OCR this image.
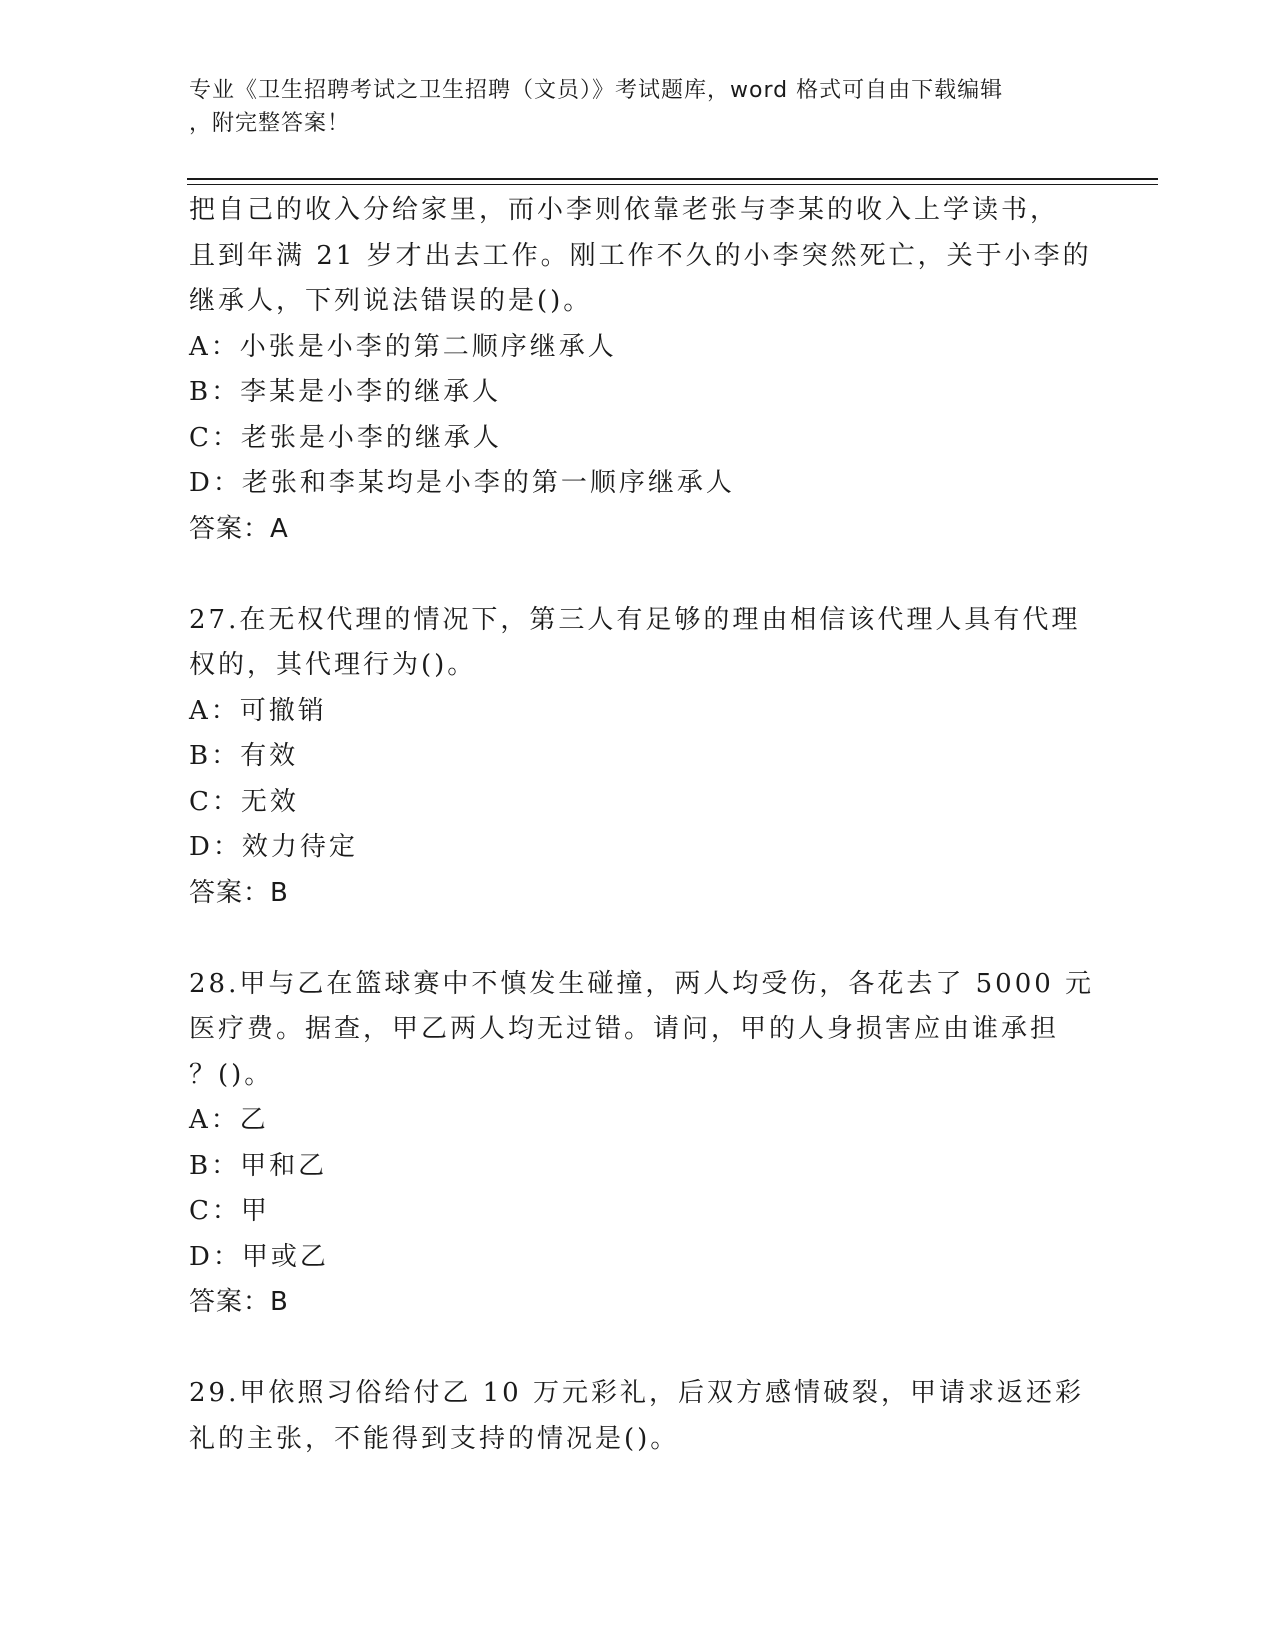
专业《卫生招聘考试之卫生招聘（文员）》考试题库，word 格式可自由下载编辑
，附完整答案！
把自己的收入分给家里，而小李则依靠老张与李某的收入上学读书，
且到年满 21 岁才出去工作。刚工作不久的小李突然死亡，关于小李的
继承人，下列说法错误的是()。
A：小张是小李的第二顺序继承人
B：李某是小李的继承人
C：老张是小李的继承人
D：老张和李某均是小李的第一顺序继承人
答案：A
27.在无权代理的情况下，第三人有足够的理由相信该代理人具有代理
权的，其代理行为()。
A：可撤销
B：有效
C：无效
D：效力待定
答案：B
28.甲与乙在篮球赛中不慎发生碰撞，两人均受伤，各花去了 5000 元
医疗费。据查，甲乙两人均无过错。请问，甲的人身损害应由谁承担
？()。
A：乙
B：甲和乙
C：甲
D：甲或乙
答案：B
29.甲依照习俗给付乙 10 万元彩礼，后双方感情破裂，甲请求返还彩
礼的主张，不能得到支持的情况是()。
